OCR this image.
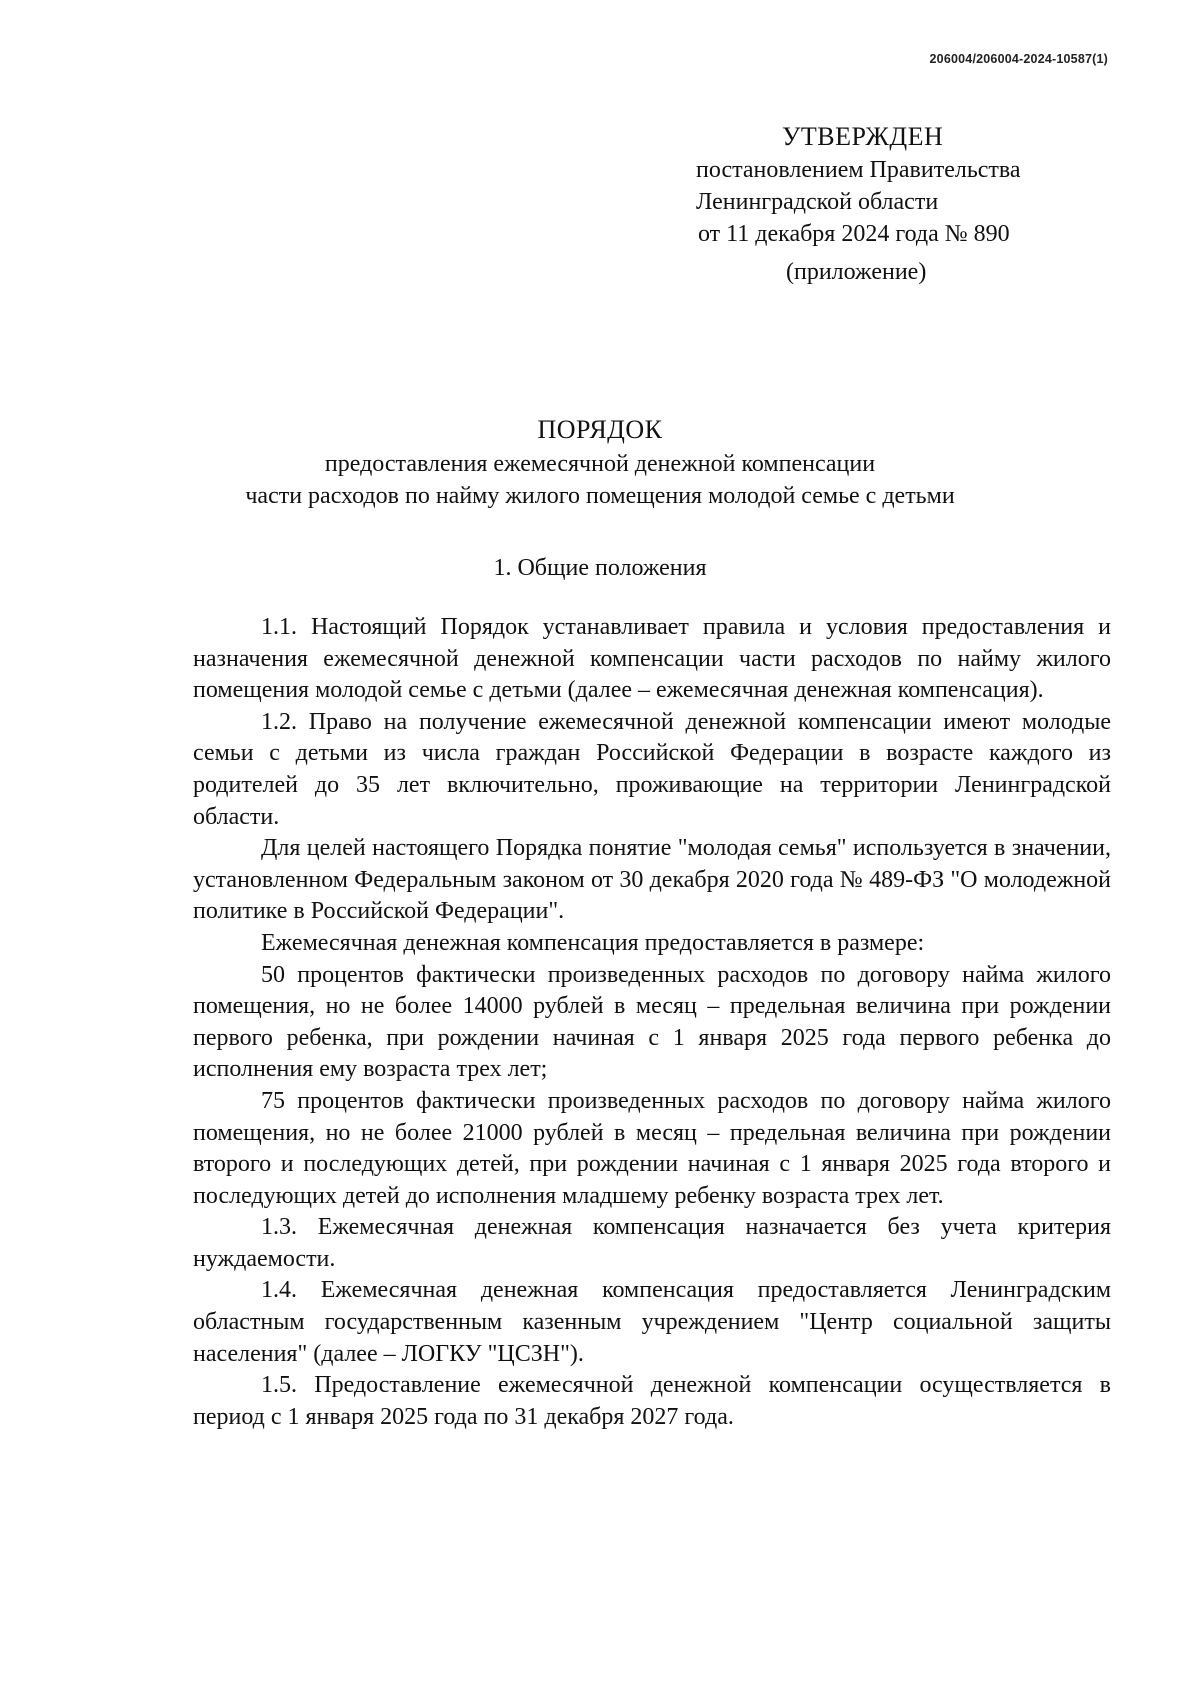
206004/206004-2024-10587(1)
УТВЕРЖДЕН
постановлением Правительства
Ленинградской области
от 11 декабря 2024 года № 890
(приложение)
ПОРЯДОК
предоставления ежемесячной денежной компенсации
части расходов по найму жилого помещения молодой семье с детьми
1. Общие положения

1.1. Настоящий Порядок устанавливает правила и условия предоставления и назначения ежемесячной денежной компенсации части расходов по найму жилого помещения молодой семье с детьми (далее – ежемесячная денежная компенсация).

1.2. Право на получение ежемесячной денежной компенсации имеют молодые семьи с детьми из числа граждан Российской Федерации в возрасте каждого из родителей до 35 лет включительно, проживающие на территории Ленинградской области.

Для целей настоящего Порядка понятие "молодая семья" используется в значении, установленном Федеральным законом от 30 декабря 2020 года № 489-ФЗ "О молодежной политике в Российской Федерации".

Ежемесячная денежная компенсация предоставляется в размере:

50 процентов фактически произведенных расходов по договору найма жилого помещения, но не более 14000 рублей в месяц – предельная величина при рождении первого ребенка, при рождении начиная с 1 января 2025 года первого ребенка до исполнения ему возраста трех лет;

75 процентов фактически произведенных расходов по договору найма жилого помещения, но не более 21000 рублей в месяц – предельная величина при рождении второго и последующих детей, при рождении начиная с 1 января 2025 года второго и последующих детей до исполнения младшему ребенку возраста трех лет.

1.3. Ежемесячная денежная компенсация назначается без учета критерия нуждаемости.

1.4. Ежемесячная денежная компенсация предоставляется Ленинградским областным государственным казенным учреждением "Центр социальной защиты населения" (далее – ЛОГКУ "ЦСЗН").

1.5. Предоставление ежемесячной денежной компенсации осуществляется в период с 1 января 2025 года по 31 декабря 2027 года.
